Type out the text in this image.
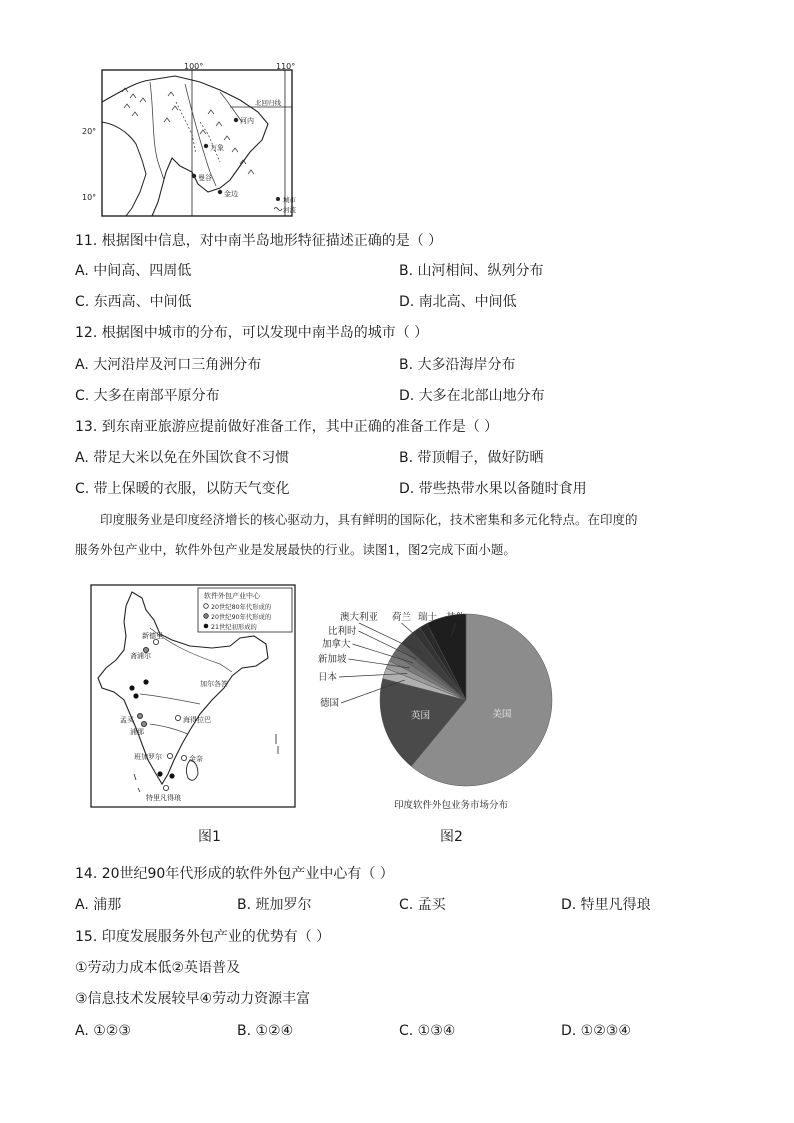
100°	110°
20°
10°
北回归线
河内
万象
曼谷
金边
城市
河流
11. 根据图中信息，对中南半岛地形特征描述正确的是（ ）
A. 中间高、四周低	B. 山河相间、纵列分布
C. 东西高、中间低	D. 南北高、中间低
12. 根据图中城市的分布，可以发现中南半岛的城市（ ）
A. 大河沿岸及河口三角洲分布	B. 大多沿海岸分布
C. 大多在南部平原分布	D. 大多在北部山地分布
13. 到东南亚旅游应提前做好准备工作，其中正确的准备工作是（ ）
A. 带足大米以免在外国饮食不习惯	B. 带顶帽子，做好防晒
C. 带上保暖的衣服，以防天气变化	D. 带些热带水果以备随时食用
印度服务业是印度经济增长的核心驱动力，具有鲜明的国际化，技术密集和多元化特点。在印度的
服务外包产业中，软件外包产业是发展最快的行业。读图1，图2完成下面小题。
软件外包产业中心
20世纪80年代形成的
20世纪90年代形成的
21世纪初形成的
新德里
斋浦尔
加尔各答
孟买
浦那
海得拉巴
班加罗尔	金奈
特里凡得琅
图1
美国
英国
德国
日本
新加坡
加拿大
比利时
澳大利亚 荷兰 瑞士 其他
印度软件外包业务市场分布
图2
14. 20世纪90年代形成的软件外包产业中心有（ ）
A. 浦那	B. 班加罗尔	C. 孟买	D. 特里凡得琅
15. 印度发展服务外包产业的优势有（ ）
①劳动力成本低②英语普及
③信息技术发展较早④劳动力资源丰富
A. ①②③	B. ①②④	C. ①③④	D. ①②③④
